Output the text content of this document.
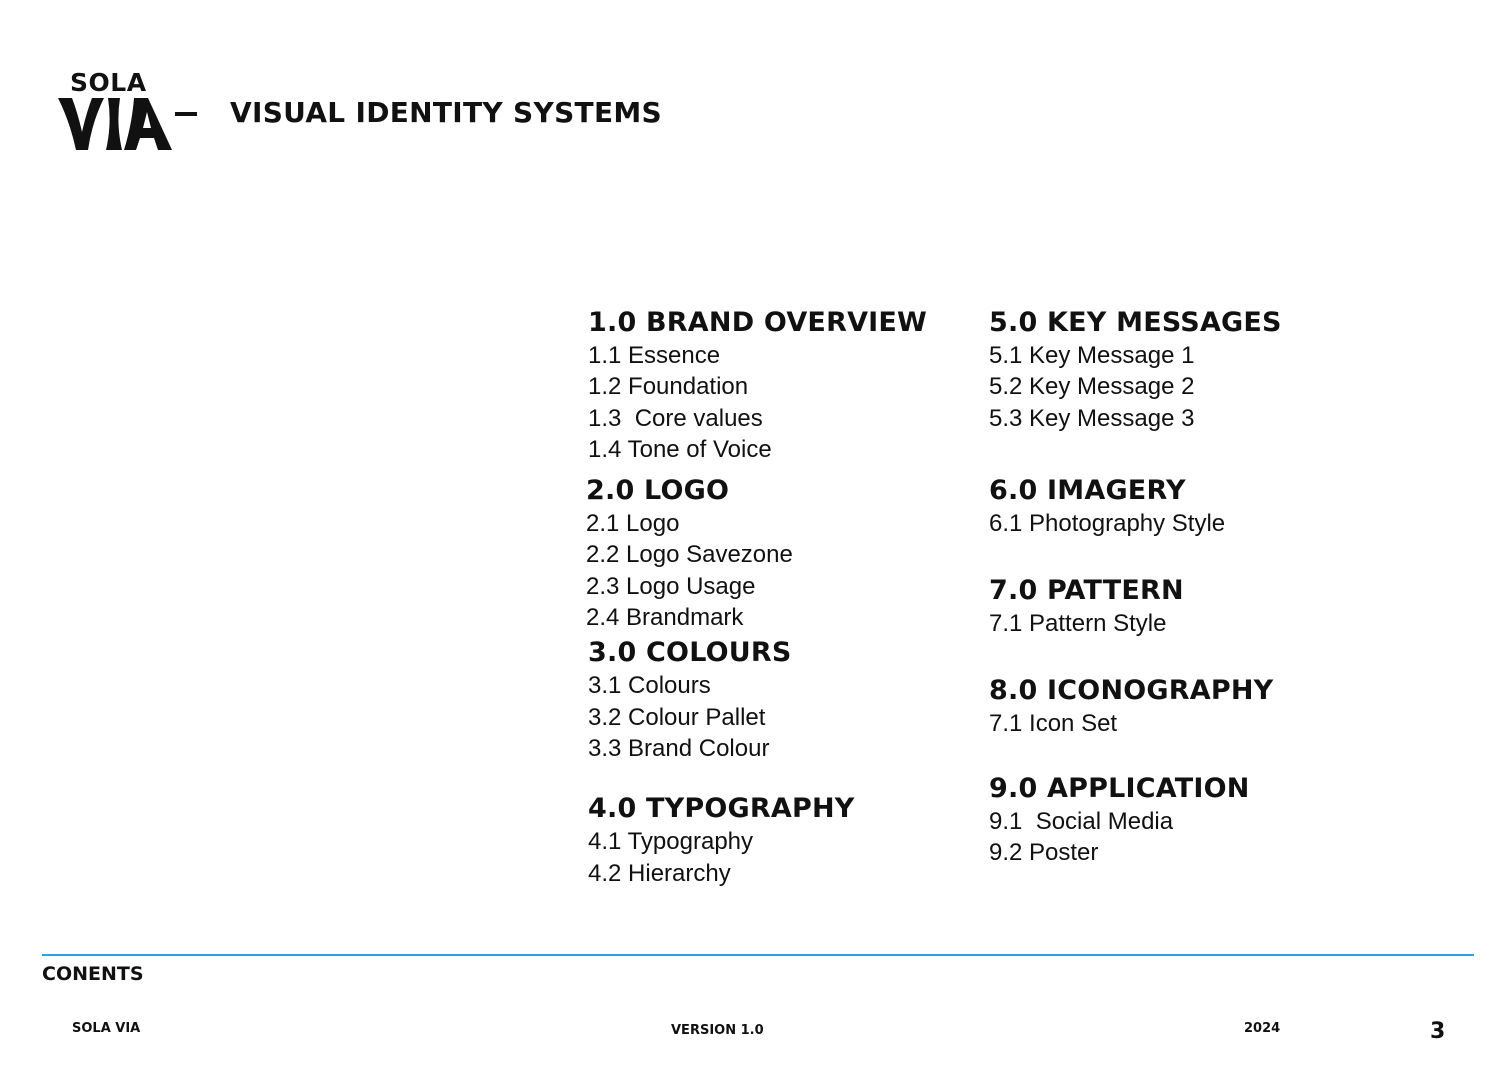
SOLA
VISUAL IDENTITY SYSTEMS
1.0 BRAND OVERVIEW
1.1 Essence
1.2 Foundation
1.3  Core values
1.4 Tone of Voice
2.0 LOGO
2.1 Logo
2.2 Logo Savezone
2.3 Logo Usage
2.4 Brandmark
3.0 COLOURS
3.1 Colours
3.2 Colour Pallet
3.3 Brand Colour
4.0 TYPOGRAPHY
4.1 Typography
4.2 Hierarchy
5.0 KEY MESSAGES
5.1 Key Message 1
5.2 Key Message 2
5.3 Key Message 3
6.0 IMAGERY
6.1 Photography Style
7.0 PATTERN
7.1 Pattern Style
8.0 ICONOGRAPHY
7.1 Icon Set
9.0 APPLICATION
9.1  Social Media
9.2 Poster
CONENTS
SOLA VIA	VERSION 1.0	2024	3
